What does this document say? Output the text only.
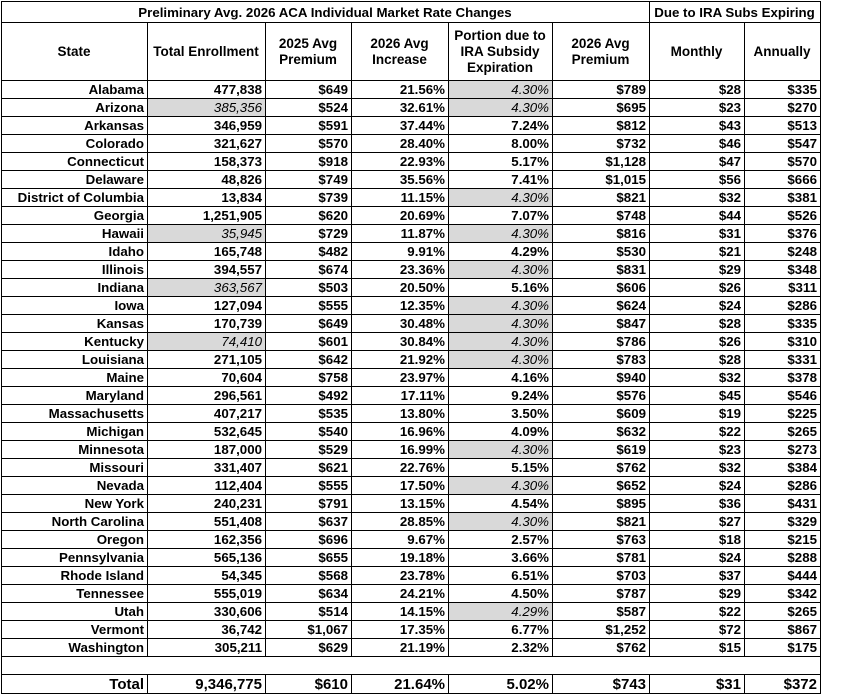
Preliminary Avg. 2026 ACA Individual Market Rate Changes						Due to IRA Subs Expiring	
State	Total Enrollment	2025 Avg Premium	2026 Avg Increase	Portion due to IRA Subsidy Expiration	2026 Avg Premium	Monthly	Annually
Alabama	477,838	$649	21.56%	4.30%	$789	$28	$335
Arizona	385,356	$524	32.61%	4.30%	$695	$23	$270
Arkansas	346,959	$591	37.44%	7.24%	$812	$43	$513
Colorado	321,627	$570	28.40%	8.00%	$732	$46	$547
Connecticut	158,373	$918	22.93%	5.17%	$1,128	$47	$570
Delaware	48,826	$749	35.56%	7.41%	$1,015	$56	$666
District of Columbia	13,834	$739	11.15%	4.30%	$821	$32	$381
Georgia	1,251,905	$620	20.69%	7.07%	$748	$44	$526
Hawaii	35,945	$729	11.87%	4.30%	$816	$31	$376
Idaho	165,748	$482	9.91%	4.29%	$530	$21	$248
Illinois	394,557	$674	23.36%	4.30%	$831	$29	$348
Indiana	363,567	$503	20.50%	5.16%	$606	$26	$311
Iowa	127,094	$555	12.35%	4.30%	$624	$24	$286
Kansas	170,739	$649	30.48%	4.30%	$847	$28	$335
Kentucky	74,410	$601	30.84%	4.30%	$786	$26	$310
Louisiana	271,105	$642	21.92%	4.30%	$783	$28	$331
Maine	70,604	$758	23.97%	4.16%	$940	$32	$378
Maryland	296,561	$492	17.11%	9.24%	$576	$45	$546
Massachusetts	407,217	$535	13.80%	3.50%	$609	$19	$225
Michigan	532,645	$540	16.96%	4.09%	$632	$22	$265
Minnesota	187,000	$529	16.99%	4.30%	$619	$23	$273
Missouri	331,407	$621	22.76%	5.15%	$762	$32	$384
Nevada	112,404	$555	17.50%	4.30%	$652	$24	$286
New York	240,231	$791	13.15%	4.54%	$895	$36	$431
North Carolina	551,408	$637	28.85%	4.30%	$821	$27	$329
Oregon	162,356	$696	9.67%	2.57%	$763	$18	$215
Pennsylvania	565,136	$655	19.18%	3.66%	$781	$24	$288
Rhode Island	54,345	$568	23.78%	6.51%	$703	$37	$444
Tennessee	555,019	$634	24.21%	4.50%	$787	$29	$342
Utah	330,606	$514	14.15%	4.29%	$587	$22	$265
Vermont	36,742	$1,067	17.35%	6.77%	$1,252	$72	$867
Washington	305,211	$629	21.19%	2.32%	$762	$15	$175

Total	9,346,775	$610	21.64%	5.02%	$743	$31	$372
